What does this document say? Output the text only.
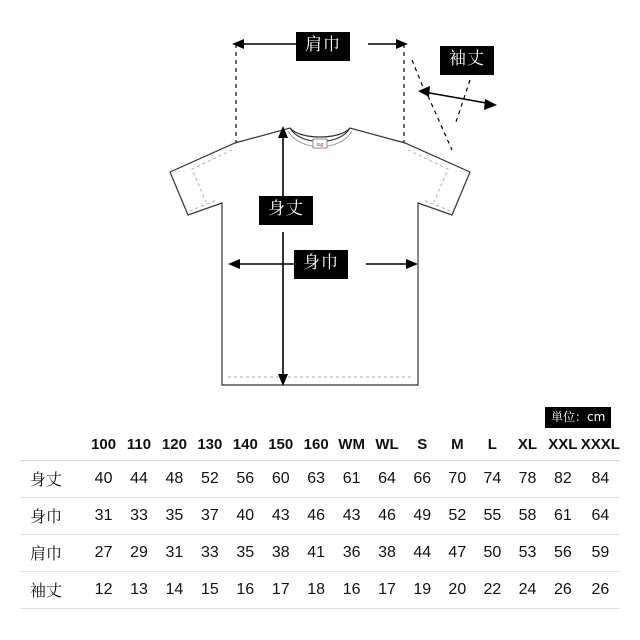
tag
肩巾
袖丈
身丈
身巾
単位：cm
	100	110	120	130	140	150	160	WM	WL	S	M	L	XL	XXL	XXXL
身丈	40	44	48	52	56	60	63	61	64	66	70	74	78	82	84
身巾	31	33	35	37	40	43	46	43	46	49	52	55	58	61	64
肩巾	27	29	31	33	35	38	41	36	38	44	47	50	53	56	59
袖丈	12	13	14	15	16	17	18	16	17	19	20	22	24	26	26
